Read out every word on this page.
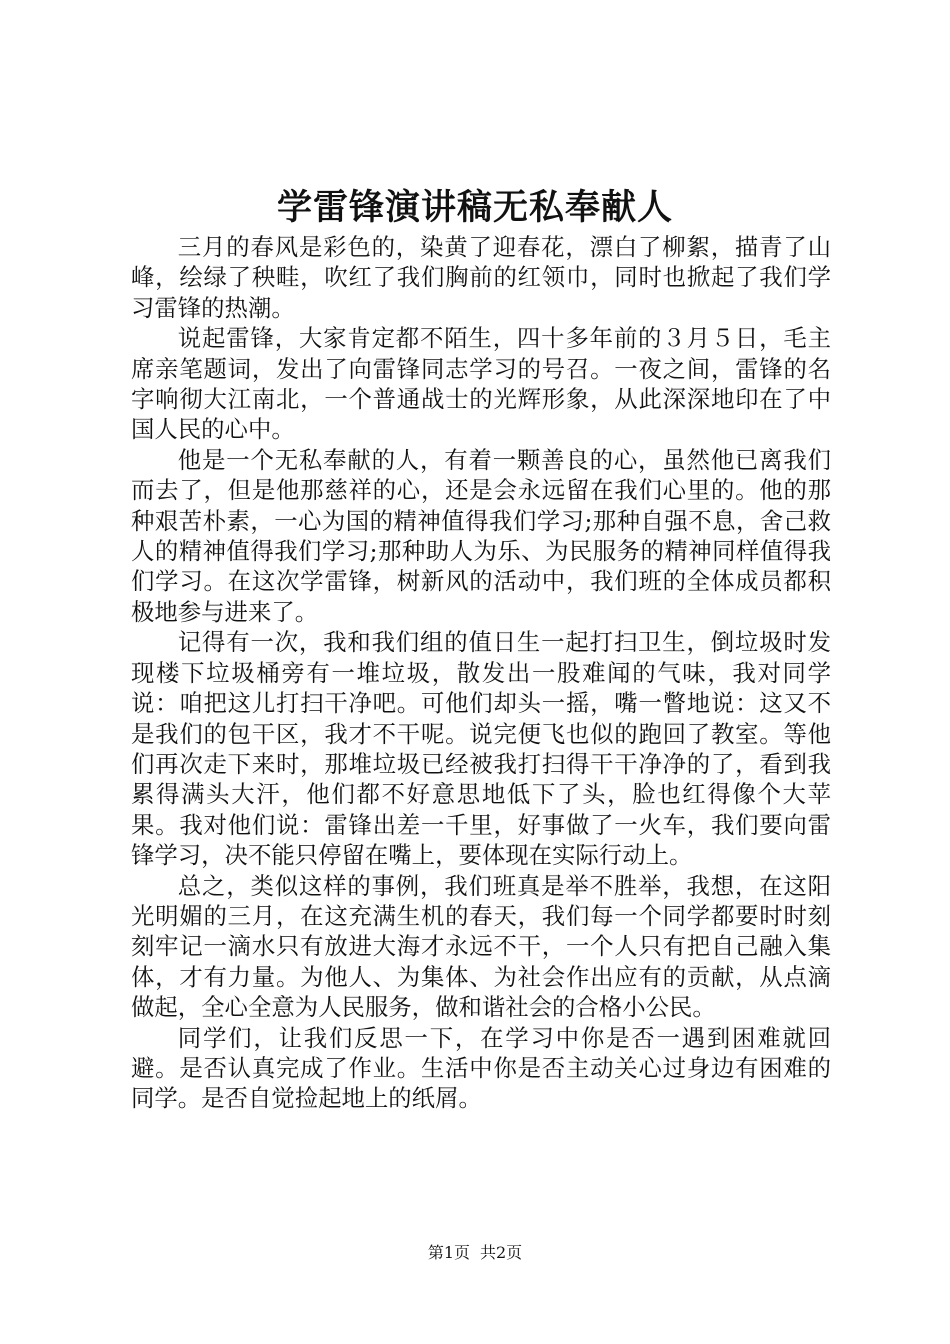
学雷锋演讲稿无私奉献人

三月的春风是彩色的，染黄了迎春花，漂白了柳絮，描青了山峰，绘绿了秧畦，吹红了我们胸前的红领巾，同时也掀起了我们学习雷锋的热潮。

说起雷锋，大家肯定都不陌生，四十多年前的３月５日，毛主席亲笔题词，发出了向雷锋同志学习的号召。一夜之间，雷锋的名字响彻大江南北，一个普通战士的光辉形象，从此深深地印在了中国人民的心中。

他是一个无私奉献的人，有着一颗善良的心，虽然他已离我们而去了，但是他那慈祥的心，还是会永远留在我们心里的。他的那种艰苦朴素，一心为国的精神值得我们学习;那种自强不息，舍己救人的精神值得我们学习;那种助人为乐、为民服务的精神同样值得我们学习。在这次学雷锋，树新风的活动中，我们班的全体成员都积极地参与进来了。

记得有一次，我和我们组的值日生一起打扫卫生，倒垃圾时发现楼下垃圾桶旁有一堆垃圾，散发出一股难闻的气味，我对同学说：咱把这儿打扫干净吧。可他们却头一摇，嘴一瞥地说：这又不是我们的包干区，我才不干呢。说完便飞也似的跑回了教室。等他们再次走下来时，那堆垃圾已经被我打扫得干干净净的了，看到我累得满头大汗，他们都不好意思地低下了头，脸也红得像个大苹果。我对他们说：雷锋出差一千里，好事做了一火车，我们要向雷锋学习，决不能只停留在嘴上，要体现在实际行动上。

总之，类似这样的事例，我们班真是举不胜举，我想，在这阳光明媚的三月，在这充满生机的春天，我们每一个同学都要时时刻刻牢记一滴水只有放进大海才永远不干，一个人只有把自己融入集体，才有力量。为他人、为集体、为社会作出应有的贡献，从点滴做起，全心全意为人民服务，做和谐社会的合格小公民。

同学们，让我们反思一下，在学习中你是否一遇到困难就回避。是否认真完成了作业。生活中你是否主动关心过身边有困难的同学。是否自觉捡起地上的纸屑。

第1页 共2页
